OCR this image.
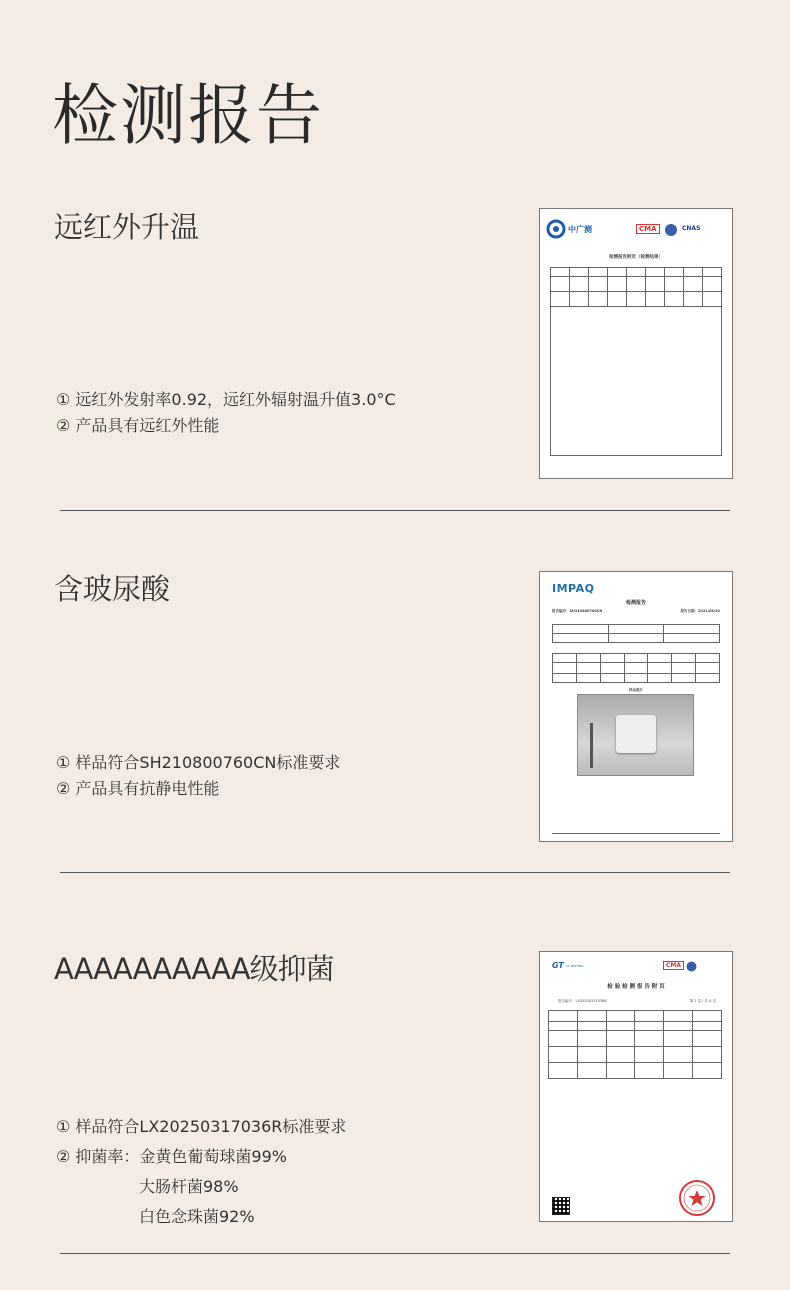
检测报告
远红外升温
① 远红外发射率0.92，远红外辐射温升值3.0°C
② 产品具有远红外性能
中广测	CMA	CNAS
检测报告附页（检测结果）

含玻尿酸
① 样品符合SH210800760CN标准要求
② 产品具有抗静电性能
IMPAQ
检测报告
报告编号：SH210800760CN	报告日期：2021/08/30

样品照片
AAAAAAAAAA级抑菌
① 样品符合LX20250317036R标准要求
② 抑菌率：金黄色葡萄球菌99%
大肠杆菌98%
白色念珠菌92%
GT LX TESTING	CMA
检 验 检 测 报 告 附 页
报告编号：LX20250317036R	第 2 页 / 共 4 页
